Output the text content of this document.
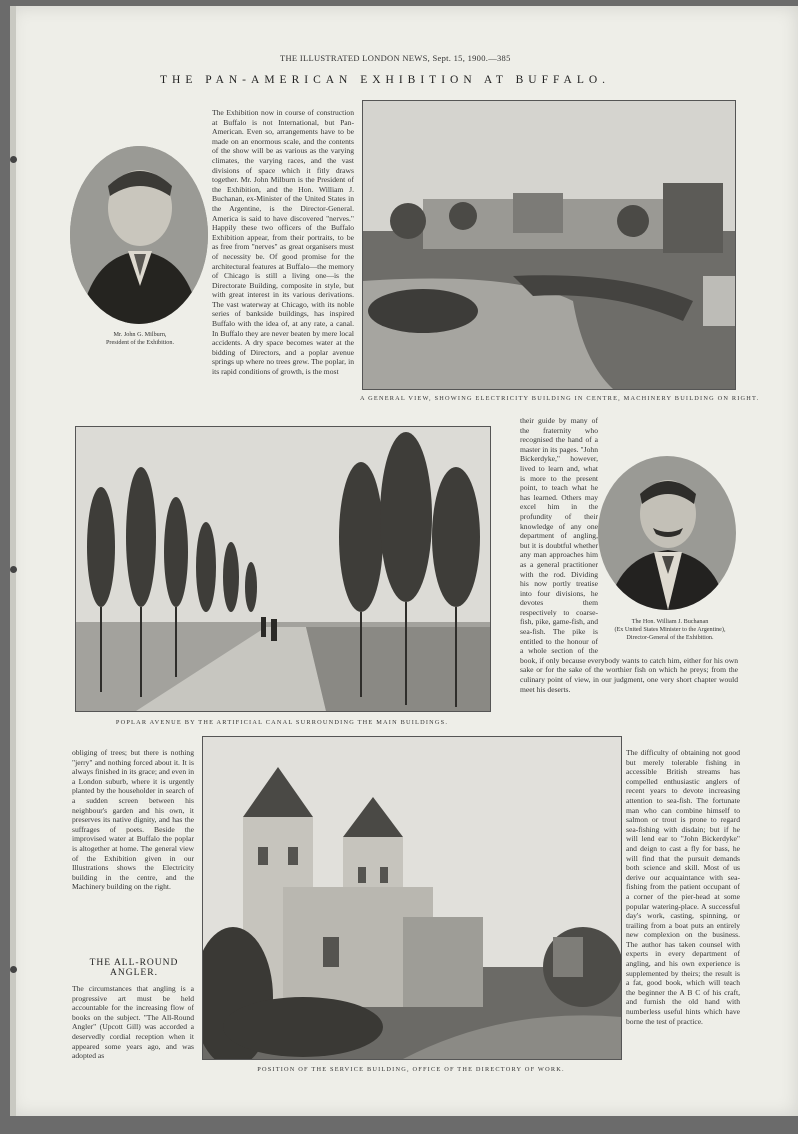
THE ILLUSTRATED LONDON NEWS, Sept. 15, 1900.—385
THE PAN-AMERICAN EXHIBITION AT BUFFALO.
Mr. John G. Milburn,
President of the Exhibition.
The Exhibition now in course of construction at Buffalo is not International, but Pan-American. Even so, arrangements have to be made on an enormous scale, and the contents of the show will be as various as the varying climates, the varying races, and the vast divisions of space which it fitly draws together. Mr. John Milburn is the President of the Exhibition, and the Hon. William J. Buchanan, ex-Minister of the United States in the Argentine, is the Director-General. America is said to have discovered "nerves." Happily these two officers of the Buffalo Exhibition appear, from their portraits, to be as free from "nerves" as great organisers must of necessity be. Of good promise for the architectural features at Buffalo—the memory of Chicago is still a living one—is the Directorate Building, composite in style, but with great interest in its various derivations. The vast waterway at Chicago, with its noble series of bankside buildings, has inspired Buffalo with the idea of, at any rate, a canal. In Buffalo they are never beaten by mere local accidents. A dry space becomes water at the bidding of Directors, and a poplar avenue springs up where no trees grew. The poplar, in its rapid conditions of growth, is the most
A GENERAL VIEW, SHOWING ELECTRICITY BUILDING IN CENTRE, MACHINERY BUILDING ON RIGHT.
POPLAR AVENUE BY THE ARTIFICIAL CANAL SURROUNDING THE MAIN BUILDINGS.
their guide by many of the fraternity who recognised the hand of a master in its pages. "John Bickerdyke," however, lived to learn and, what is more to the present point, to teach what he has learned. Others may excel him in the profundity of their knowledge of any one department of angling, but it is doubtful whether any man approaches him as a general practitioner with the rod. Dividing his now portly treatise into four divisions, he devotes them respectively to coarse-fish, pike, game-fish, and sea-fish. The pike is entitled to the honour of a whole section of the book, if only because everybody wants to catch him, either for his own sake or for the sake of the worthier fish on which he preys; from the culinary point of view, in our judgment, one very short chapter would meet his deserts.
The Hon. William J. Buchanan
(Ex United States Minister to the Argentine),
Director-General of the Exhibition.
The difficulty of obtaining not good but merely tolerable fishing in accessible British streams has compelled enthusiastic anglers of recent years to devote increasing attention to sea-fish. The fortunate man who can combine himself to salmon or trout is prone to regard sea-fishing with disdain; but if he will lend ear to "John Bickerdyke" and deign to cast a fly for bass, he will find that the pursuit demands both science and skill. Most of us derive our acquaintance with sea-fishing from the patient occupant of a corner of the pier-head at some popular watering-place. A successful day's work, casting, spinning, or trailing from a boat puts an entirely new complexion on the business. The author has taken counsel with experts in every department of angling, and his own experience is supplemented by theirs; the result is a fat, good book, which will teach the beginner the A B C of his craft, and furnish the old hand with numberless useful hints which have borne the test of practice.
obliging of trees; but there is nothing "jerry" and nothing forced about it. It is always finished in its grace; and even in a London suburb, where it is urgently planted by the householder in search of a sudden screen between his neighbour's garden and his own, it preserves its native dignity, and has the suffrages of poets. Beside the improvised water at Buffalo the poplar is altogether at home. The general view of the Exhibition given in our Illustrations shows the Electricity building in the centre, and the Machinery building on the right.
THE ALL-ROUND ANGLER.
The circumstances that angling is a progressive art must be held accountable for the increasing flow of books on the subject. "The All-Round Angler" (Upcott Gill) was accorded a deservedly cordial reception when it appeared some years ago, and was adopted as
POSITION OF THE SERVICE BUILDING, OFFICE OF THE DIRECTORY OF WORK.
